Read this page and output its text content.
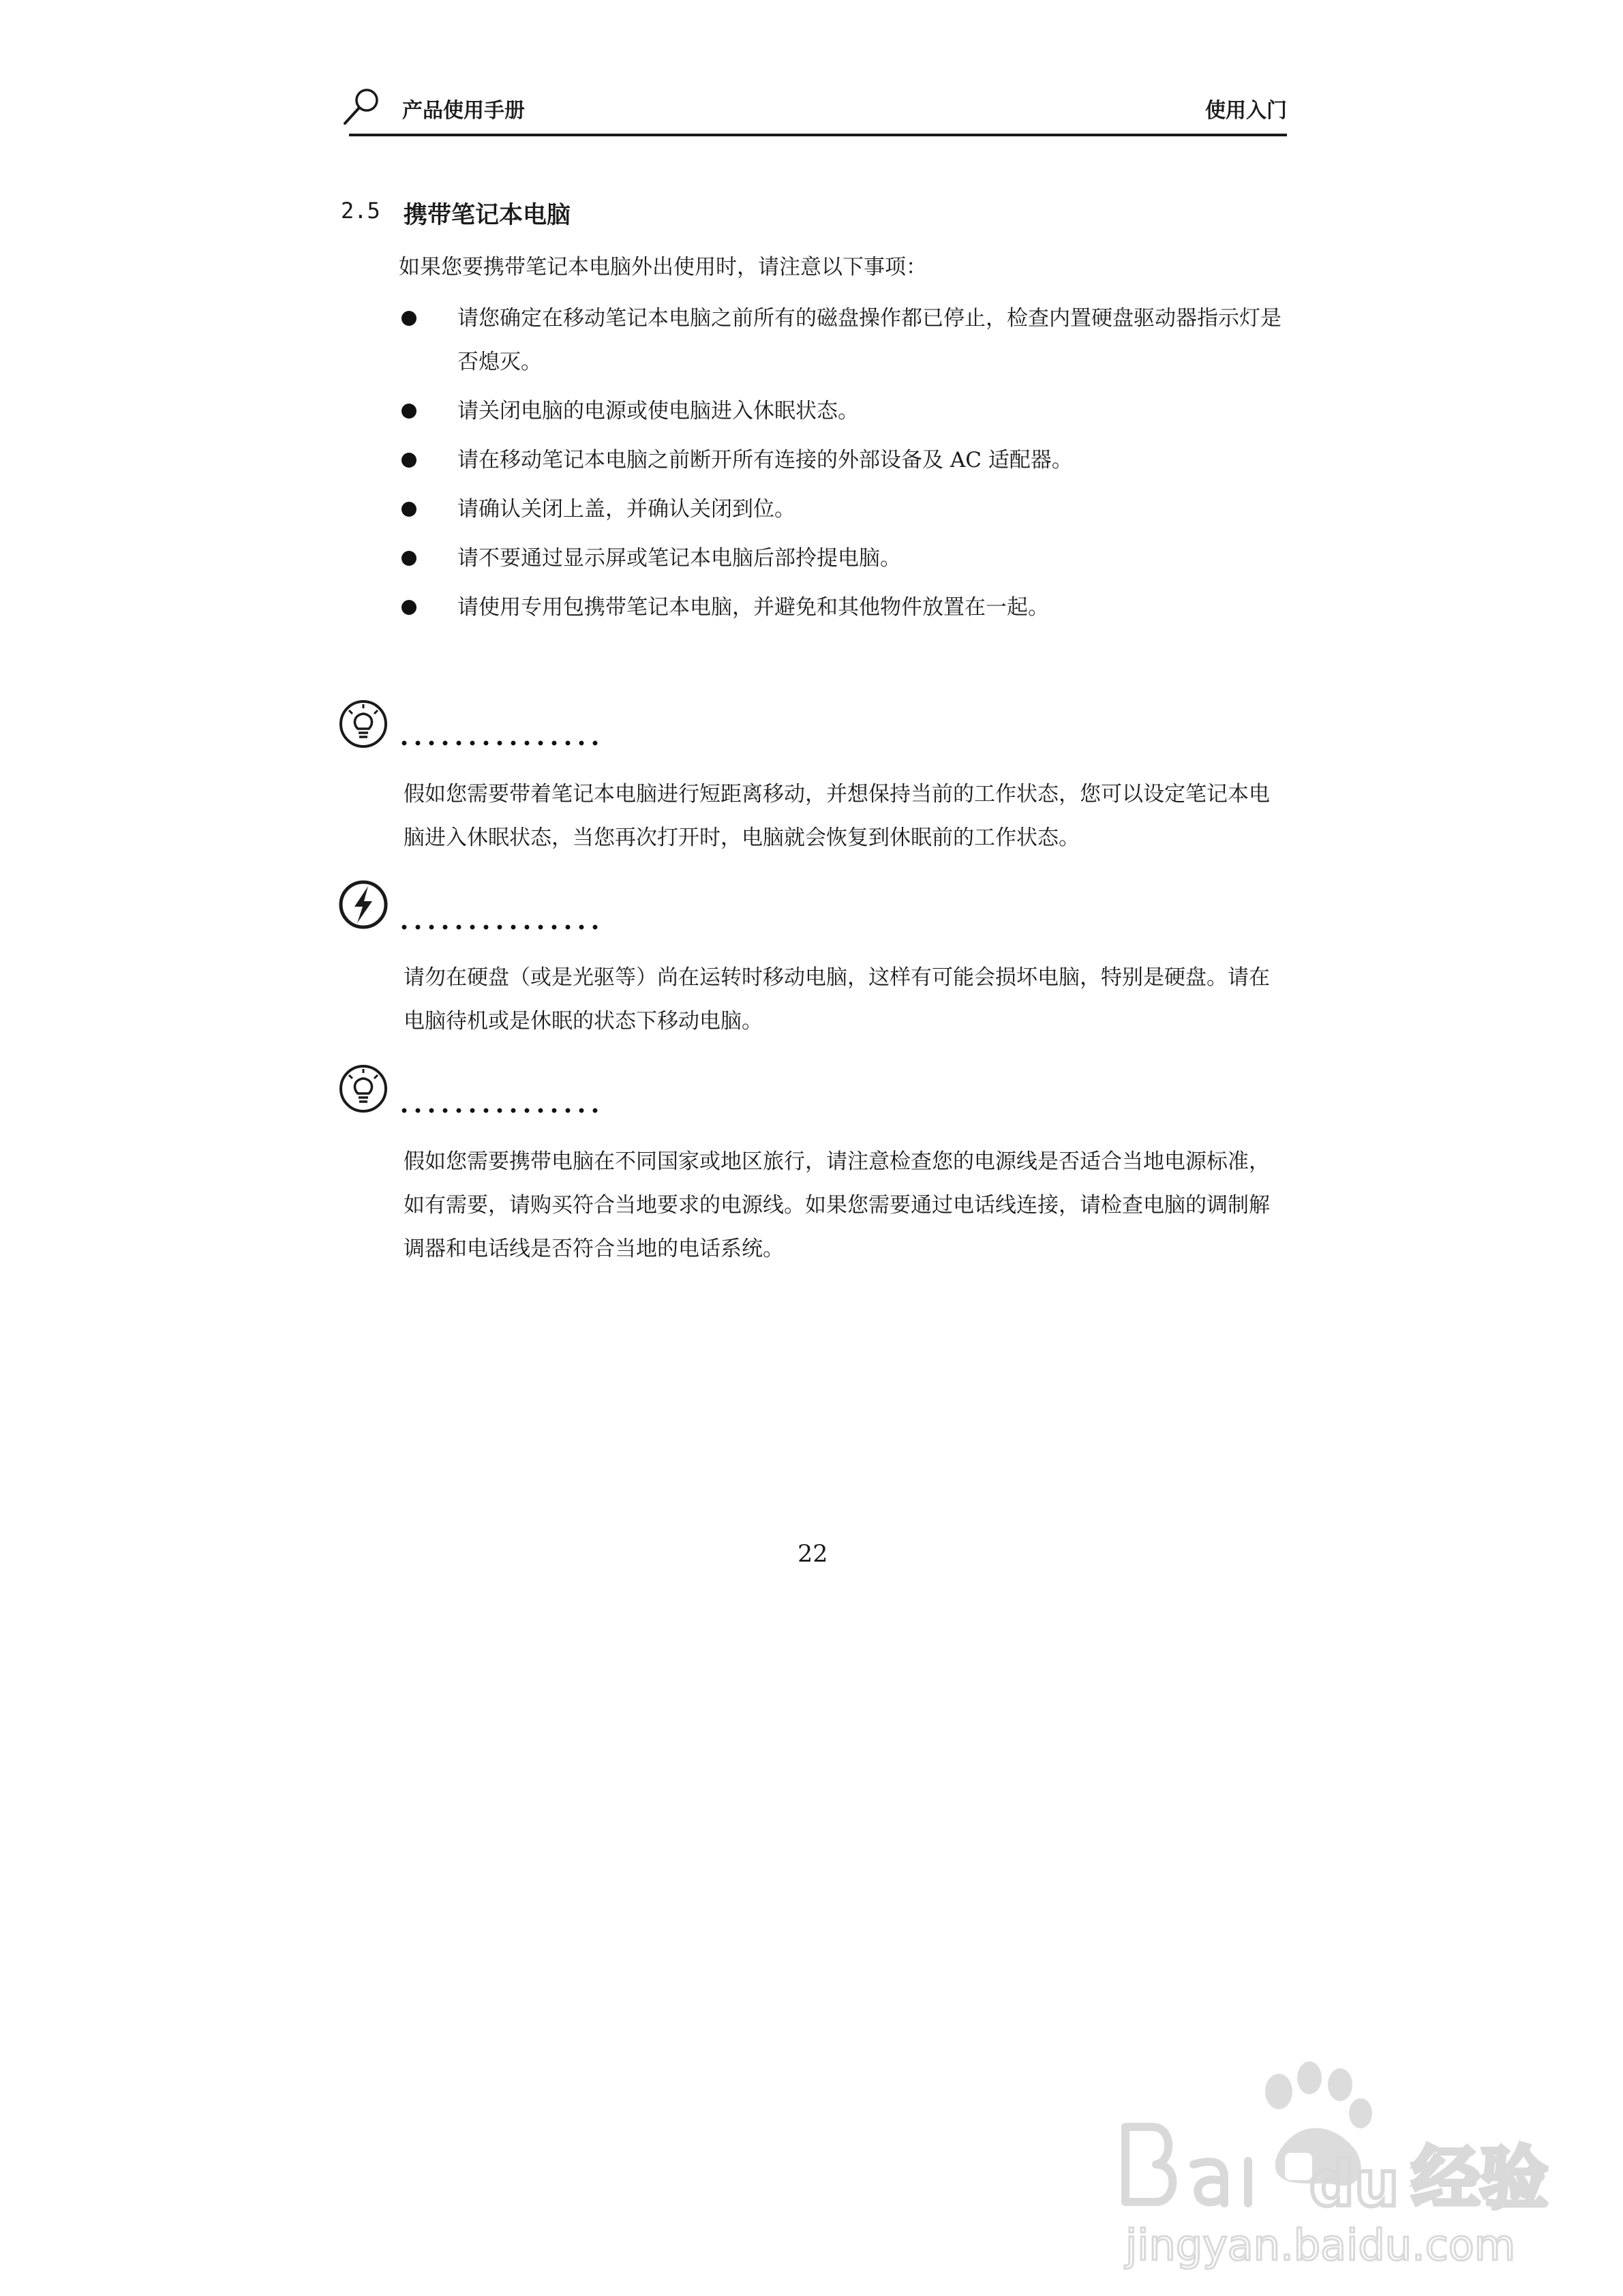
产品使用手册	使用入门
2.5 携带笔记本电脑
如果您要携带笔记本电脑外出使用时，请注意以下事项：
请您确定在移动笔记本电脑之前所有的磁盘操作都已停止，检查内置硬盘驱动器指示灯是否熄灭。
请关闭电脑的电源或使电脑进入休眠状态。
请在移动笔记本电脑之前断开所有连接的外部设备及 AC 适配器。
请确认关闭上盖，并确认关闭到位。
请不要通过显示屏或笔记本电脑后部拎提电脑。
请使用专用包携带笔记本电脑，并避免和其他物件放置在一起。

假如您需要带着笔记本电脑进行短距离移动，并想保持当前的工作状态，您可以设定笔记本电脑进入休眠状态，当您再次打开时，电脑就会恢复到休眠前的工作状态。

请勿在硬盘（或是光驱等）尚在运转时移动电脑，这样有可能会损坏电脑，特别是硬盘。请在电脑待机或是休眠的状态下移动电脑。

假如您需要携带电脑在不同国家或地区旅行，请注意检查您的电源线是否适合当地电源标准，如有需要，请购买符合当地要求的电源线。如果您需要通过电话线连接，请检查电脑的调制解调器和电话线是否符合当地的电话系统。

22
du 经验
jingyan.baidu.com
